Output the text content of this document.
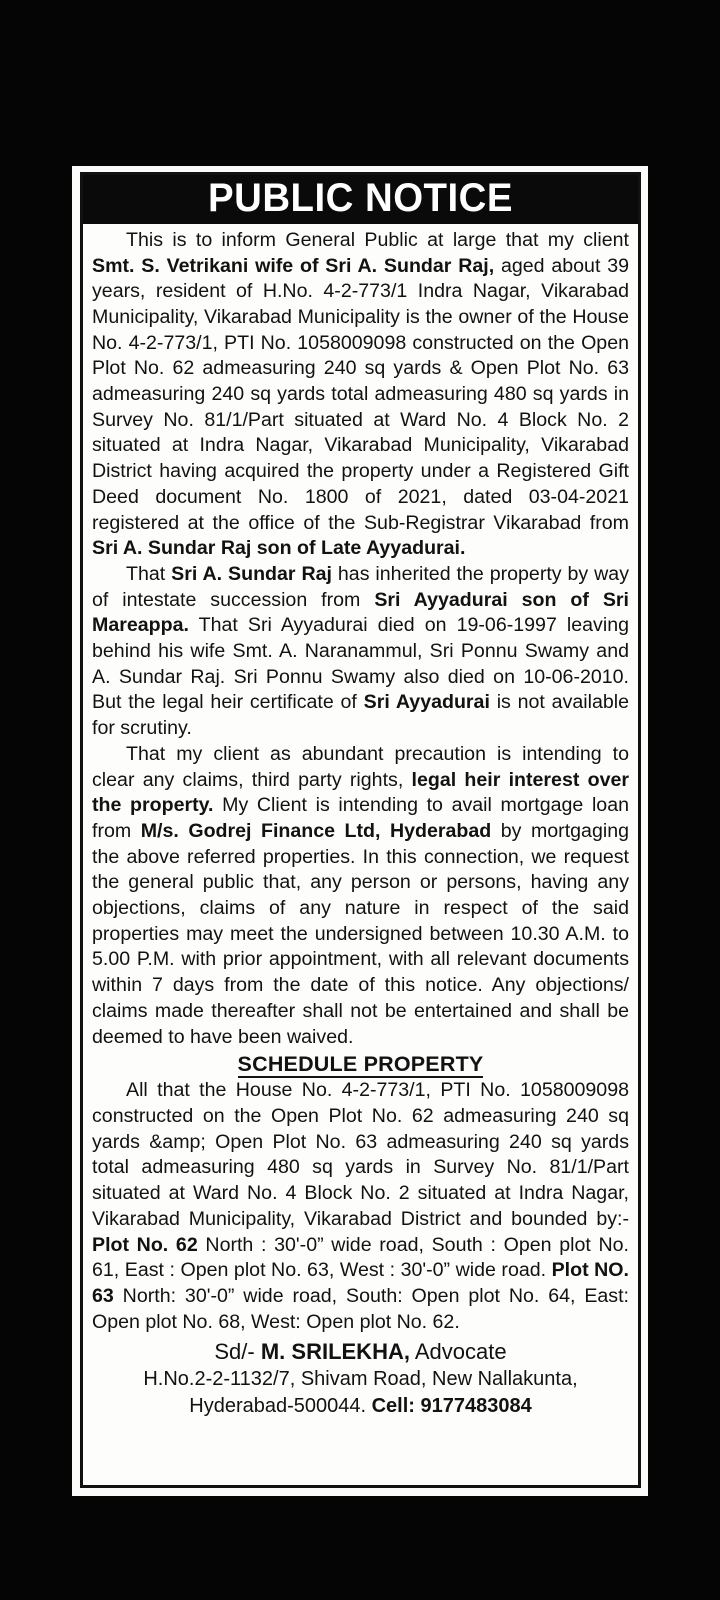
PUBLIC NOTICE

This is to inform General Public at large that my client Smt. S. Vetrikani wife of Sri A. Sundar Raj, aged about 39 years, resident of H.No. 4-2-773/1 Indra Nagar, Vikarabad Municipality, Vikarabad Municipality is the owner of the House No. 4-2-773/1, PTI No. 1058009098 constructed on the Open Plot No. 62 admeasuring 240 sq yards & Open Plot No. 63 admeasuring 240 sq yards total admeasuring 480 sq yards in Survey No. 81/1/Part situated at Ward No. 4 Block No. 2 situated at Indra Nagar, Vikarabad Municipality, Vikarabad District having acquired the property under a Registered Gift Deed document No. 1800 of 2021, dated 03-04-2021 registered at the office of the Sub-Registrar Vikarabad from Sri A. Sundar Raj son of Late Ayyadurai.

That Sri A. Sundar Raj has inherited the property by way of intestate succession from Sri Ayyadurai son of Sri Mareappa. That Sri Ayyadurai died on 19-06-1997 leaving behind his wife Smt. A. Naranammul, Sri Ponnu Swamy and A. Sundar Raj. Sri Ponnu Swamy also died on 10-06-2010. But the legal heir certificate of Sri Ayyadurai is not available for scrutiny.

That my client as abundant precaution is intending to clear any claims, third party rights, legal heir interest over the property. My Client is intending to avail mortgage loan from M/s. Godrej Finance Ltd, Hyderabad by mortgaging the above referred properties. In this connection, we request the general public that, any person or persons, having any objections, claims of any nature in respect of the said properties may meet the undersigned between 10.30 A.M. to 5.00 P.M. with prior appointment, with all relevant documents within 7 days from the date of this notice. Any objections/ claims made thereafter shall not be entertained and shall be deemed to have been waived.

SCHEDULE PROPERTY

All that the House No. 4-2-773/1, PTI No. 1058009098 constructed on the Open Plot No. 62 admeasuring 240 sq yards &amp; Open Plot No. 63 admeasuring 240 sq yards total admeasuring 480 sq yards in Survey No. 81/1/Part situated at Ward No. 4 Block No. 2 situated at Indra Nagar, Vikarabad Municipality, Vikarabad District and bounded by:- Plot No. 62 North : 30'-0” wide road, South : Open plot No. 61, East : Open plot No. 63, West : 30'-0” wide road. Plot NO. 63 North: 30'-0” wide road, South: Open plot No. 64, East: Open plot No. 68, West: Open plot No. 62.

Sd/- M. SRILEKHA, Advocate

H.No.2-2-1132/7, Shivam Road, New Nallakunta,

Hyderabad-500044. Cell: 9177483084
